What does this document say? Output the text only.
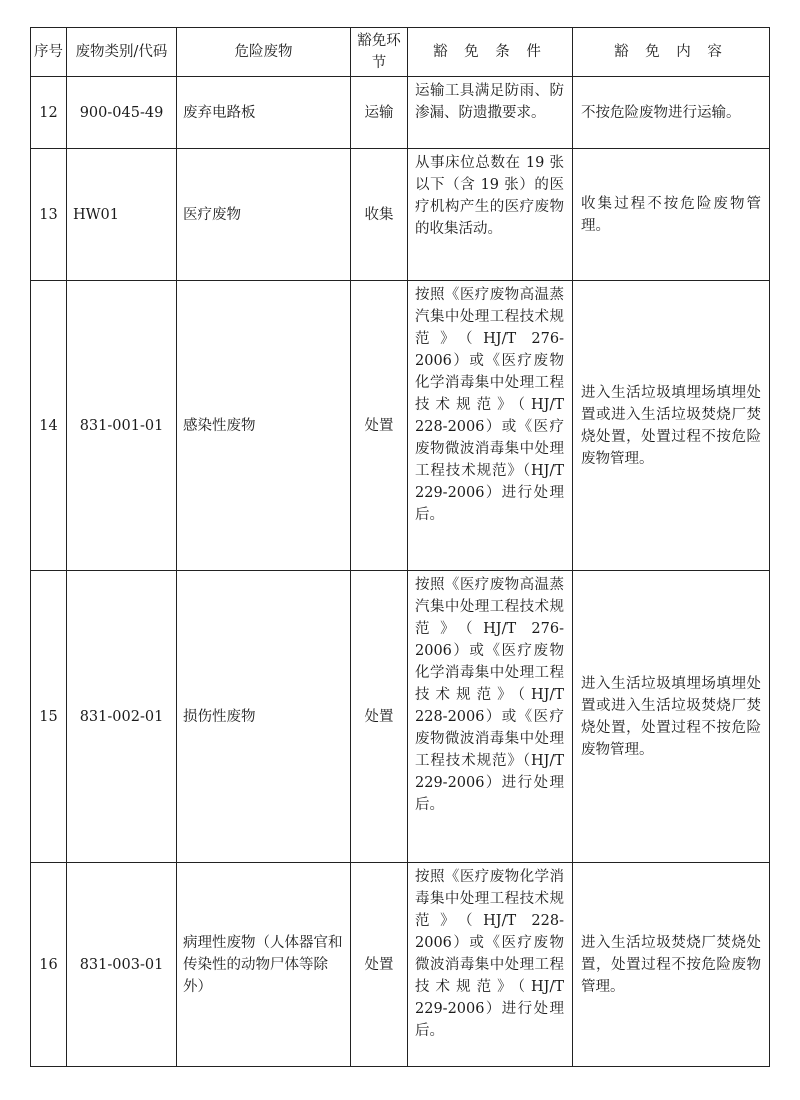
序号	废物类别/代码	危险废物	豁免环节	豁 免 条 件	豁 免 内 容
12	900-045-49	废弃电路板	运输	运输工具满足防雨、防渗漏、防遗撒要求。	不按危险废物进行运输。
13	HW01	医疗废物	收集	从事床位总数在 19 张以下（含 19 张）的医疗机构产生的医疗废物的收集活动。	收集过程不按危险废物管理。
14	831-001-01	感染性废物	处置	按照《医疗废物高温蒸汽集中处理工程技术规范》（HJ/T 276-2006）或《医疗废物化学消毒集中处理工程技术规范》（HJ/T 228-2006）或《医疗废物微波消毒集中处理工程技术规范》（HJ/T 229-2006）进行处理后。	进入生活垃圾填埋场填埋处置或进入生活垃圾焚烧厂焚烧处置，处置过程不按危险废物管理。
15	831-002-01	损伤性废物	处置	按照《医疗废物高温蒸汽集中处理工程技术规范》（HJ/T 276-2006）或《医疗废物化学消毒集中处理工程技术规范》（HJ/T 228-2006）或《医疗废物微波消毒集中处理工程技术规范》（HJ/T 229-2006）进行处理后。	进入生活垃圾填埋场填埋处置或进入生活垃圾焚烧厂焚烧处置，处置过程不按危险废物管理。
16	831-003-01	病理性废物（人体器官和传染性的动物尸体等除外）	处置	按照《医疗废物化学消毒集中处理工程技术规范》（HJ/T 228-2006）或《医疗废物微波消毒集中处理工程技术规范》（HJ/T 229-2006）进行处理后。	进入生活垃圾焚烧厂焚烧处置，处置过程不按危险废物管理。
